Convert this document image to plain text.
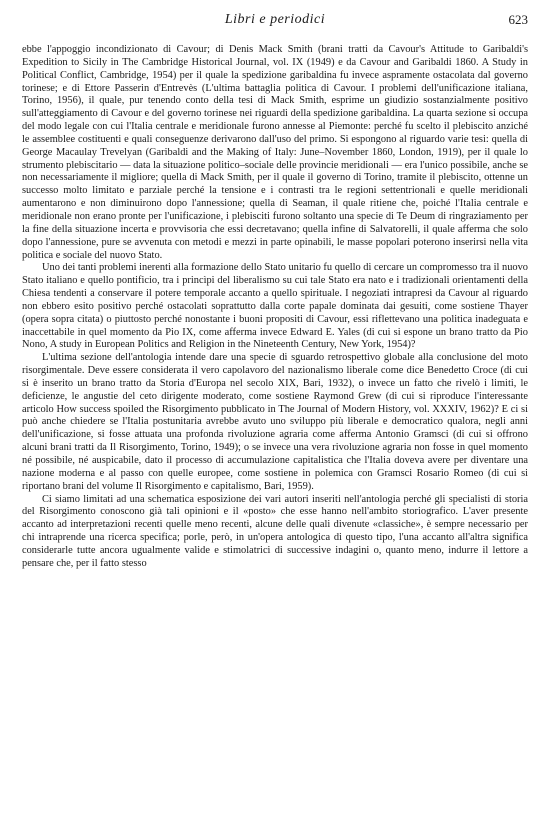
Libri e periodici	623

ebbe l'appoggio incondizionato di Cavour; di Denis Mack Smith (brani tratti da Cavour's Attitude to Garibaldi's Expedition to Sicily in The Cambridge Historical Journal, vol. IX (1949) e da Cavour and Garibaldi 1860. A Study in Political Conflict, Cambridge, 1954) per il quale la spedizione garibaldina fu invece aspramente ostacolata dal governo torinese; e di Ettore Passerin d'Entrevès (L'ultima battaglia politica di Cavour. I problemi dell'unificazione italiana, Torino, 1956), il quale, pur tenendo conto della tesi di Mack Smith, esprime un giudizio sostanzialmente positivo sull'atteggiamento di Cavour e del governo torinese nei riguardi della spedizione garibaldina. La quarta sezione si occupa del modo legale con cui l'Italia centrale e meridionale furono annesse al Piemonte: perché fu scelto il plebiscito anziché le assemblee costituenti e quali conseguenze derivarono dall'uso del primo. Si espongono al riguardo varie tesi: quella di George Macaulay Trevelyan (Garibaldi and the Making of Italy: June–November 1860, London, 1919), per il quale lo strumento plebiscitario — data la situazione politico–sociale delle provincie meridionali — era l'unico possibile, anche se non necessariamente il migliore; quella di Mack Smith, per il quale il governo di Torino, tramite il plebiscito, ottenne un successo molto limitato e parziale perché la tensione e i contrasti tra le regioni settentrionali e quelle meridionali aumentarono e non diminuirono dopo l'annessione; quella di Seaman, il quale ritiene che, poiché l'Italia centrale e meridionale non erano pronte per l'unificazione, i plebisciti furono soltanto una specie di Te Deum di ringraziamento per la fine della situazione incerta e provvisoria che essi decretavano; quella infine di Salvatorelli, il quale afferma che solo dopo l'annessione, pure se avvenuta con metodi e mezzi in parte opinabili, le masse popolari poterono inserirsi nella vita politica e sociale del nuovo Stato.

Uno dei tanti problemi inerenti alla formazione dello Stato unitario fu quello di cercare un compromesso tra il nuovo Stato italiano e quello pontificio, tra i princìpi del liberalismo su cui tale Stato era nato e i tradizionali orientamenti della Chiesa tendenti a conservare il potere temporale accanto a quello spirituale. I negoziati intrapresi da Cavour al riguardo non ebbero esito positivo perché ostacolati soprattutto dalla corte papale dominata dai gesuiti, come sostiene Thayer (opera sopra citata) o piuttosto perché nonostante i buoni propositi di Cavour, essi riflettevano una politica inadeguata e inaccettabile in quel momento da Pio IX, come afferma invece Edward E. Yales (di cui si espone un brano tratto da Pio Nono, A study in European Politics and Religion in the Nineteenth Century, New York, 1954)?

L'ultima sezione dell'antologia intende dare una specie di sguardo retrospettivo globale alla conclusione del moto risorgimentale. Deve essere considerata il vero capolavoro del nazionalismo liberale come dice Benedetto Croce (di cui si è inserito un brano tratto da Storia d'Europa nel secolo XIX, Bari, 1932), o invece un fatto che rivelò i limiti, le deficienze, le angustie del ceto dirigente moderato, come sostiene Raymond Grew (di cui si riproduce l'interessante articolo How success spoiled the Risorgimento pubblicato in The Journal of Modern History, vol. XXXIV, 1962)? E ci si può anche chiedere se l'Italia postunitaria avrebbe avuto uno sviluppo più liberale e democratico qualora, negli anni dell'unificazione, si fosse attuata una profonda rivoluzione agraria come afferma Antonio Gramsci (di cui si offrono alcuni brani tratti da Il Risorgimento, Torino, 1949); o se invece una vera rivoluzione agraria non fosse in quel momento né possibile, né auspicabile, dato il processo di accumulazione capitalistica che l'Italia doveva avere per diventare una nazione moderna e al passo con quelle europee, come sostiene in polemica con Gramsci Rosario Romeo (di cui si riportano brani del volume Il Risorgimento e capitalismo, Bari, 1959).

Ci siamo limitati ad una schematica esposizione dei vari autori inseriti nell'antologia perché gli specialisti di storia del Risorgimento conoscono già tali opinioni e il «posto» che esse hanno nell'ambito storiografico. L'aver presente accanto ad interpretazioni recenti quelle meno recenti, alcune delle quali divenute «classiche», è sempre necessario per chi intraprende una ricerca specifica; porle, però, in un'opera antologica di questo tipo, l'una accanto all'altra significa considerarle tutte ancora ugualmente valide e stimolatrici di successive indagini o, quanto meno, indurre il lettore a pensare che, per il fatto stesso
